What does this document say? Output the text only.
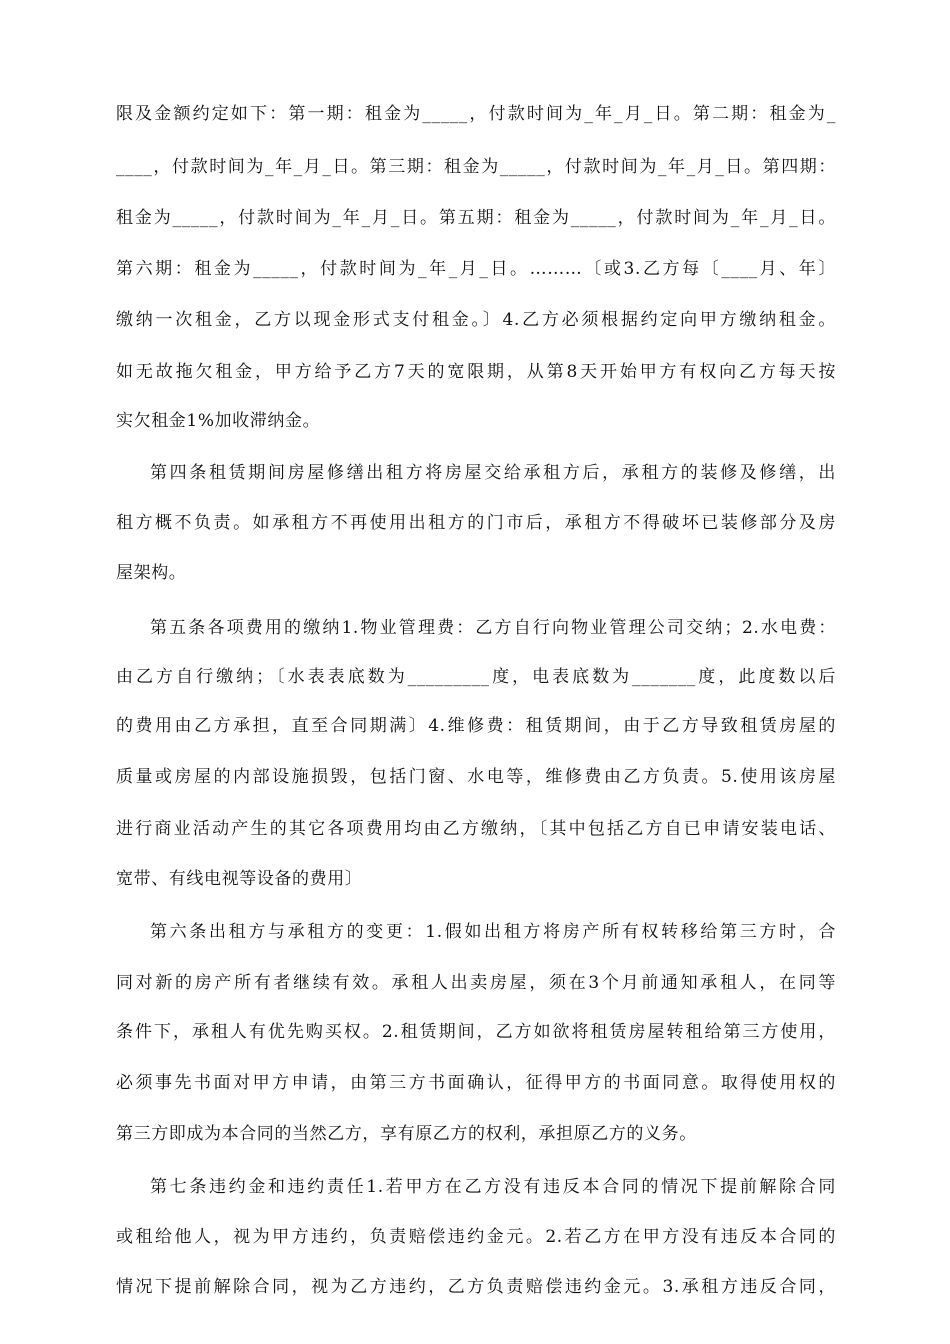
限及金额约定如下：第一期：租金为_____，付款时间为_年_月_日。第二期：租金为_
____，付款时间为_年_月_日。第三期：租金为_____，付款时间为_年_月_日。第四期：
租金为_____，付款时间为_年_月_日。第五期：租金为_____，付款时间为_年_月_日。
第六期：租金为_____，付款时间为_年_月_日。………〔或3.乙方每〔____月、年〕
缴纳一次租金，乙方以现金形式支付租金。〕4.乙方必须根据约定向甲方缴纳租金。
如无故拖欠租金，甲方给予乙方7天的宽限期，从第8天开始甲方有权向乙方每天按
实欠租金1%加收滞纳金。
第四条租赁期间房屋修缮出租方将房屋交给承租方后，承租方的装修及修缮，出
租方概不负责。如承租方不再使用出租方的门市后，承租方不得破坏已装修部分及房
屋架构。
第五条各项费用的缴纳1.物业管理费：乙方自行向物业管理公司交纳；2.水电费：
由乙方自行缴纳；〔水表表底数为_________度，电表底数为_______度，此度数以后
的费用由乙方承担，直至合同期满〕4.维修费：租赁期间，由于乙方导致租赁房屋的
质量或房屋的内部设施损毁，包括门窗、水电等，维修费由乙方负责。5.使用该房屋
进行商业活动产生的其它各项费用均由乙方缴纳，〔其中包括乙方自已申请安装电话、
宽带、有线电视等设备的费用〕
第六条出租方与承租方的变更：1.假如出租方将房产所有权转移给第三方时，合
同对新的房产所有者继续有效。承租人出卖房屋，须在3个月前通知承租人，在同等
条件下，承租人有优先购买权。2.租赁期间，乙方如欲将租赁房屋转租给第三方使用，
必须事先书面对甲方申请，由第三方书面确认，征得甲方的书面同意。取得使用权的
第三方即成为本合同的当然乙方，享有原乙方的权利，承担原乙方的义务。
第七条违约金和违约责任1.若甲方在乙方没有违反本合同的情况下提前解除合同
或租给他人，视为甲方违约，负责赔偿违约金元。2.若乙方在甲方没有违反本合同的
情况下提前解除合同，视为乙方违约，乙方负责赔偿违约金元。3.承租方违反合同，
